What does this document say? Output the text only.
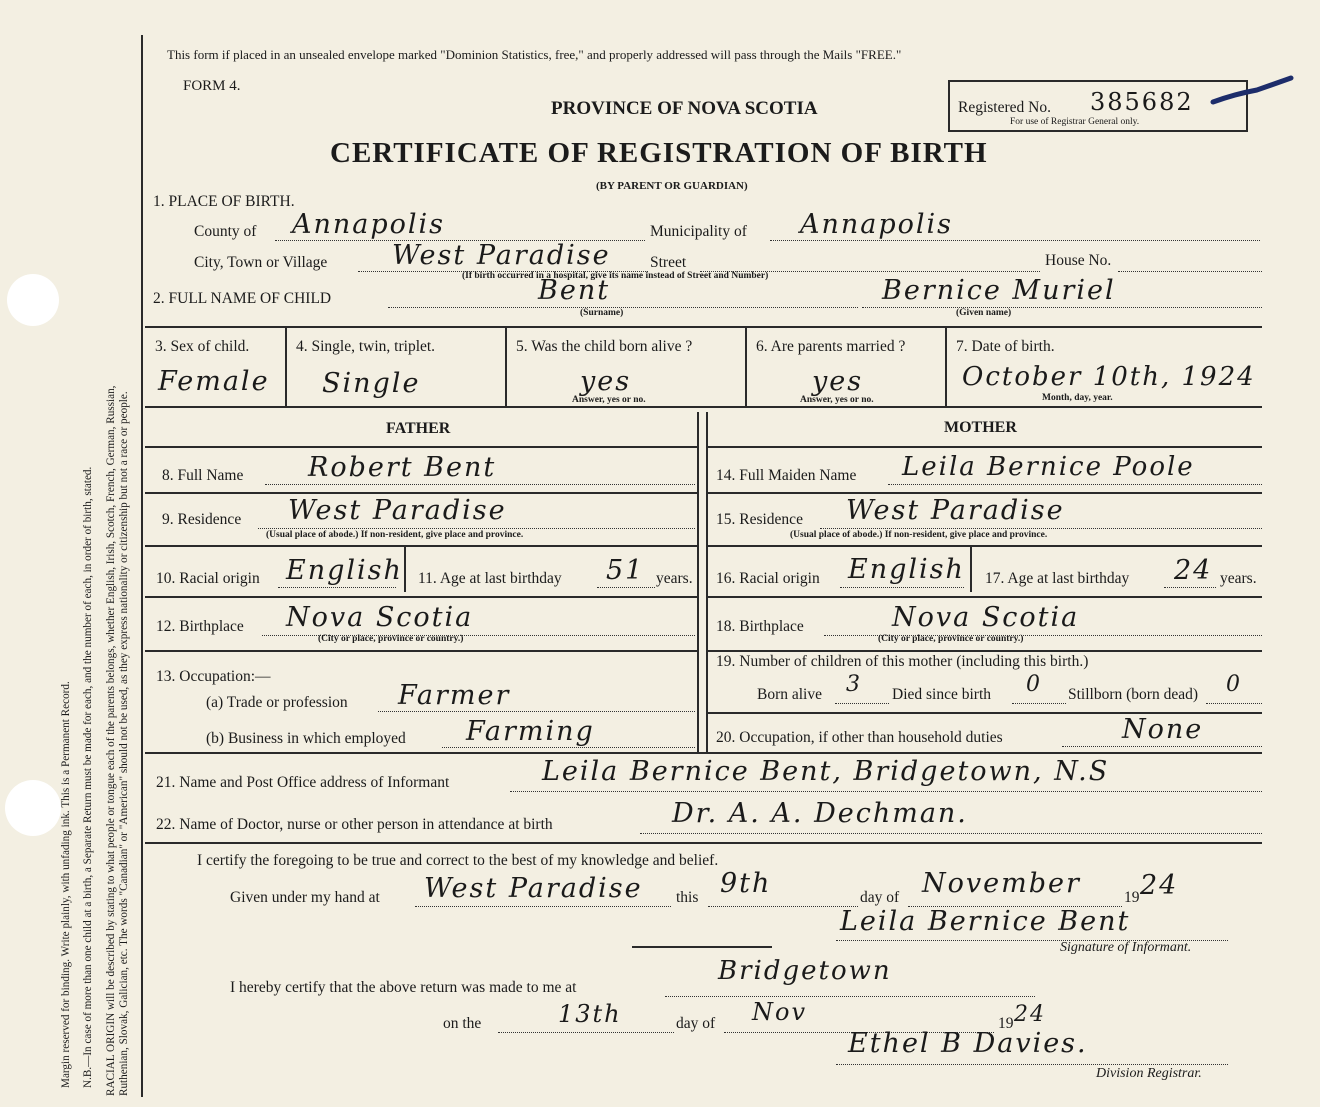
Margin reserved for binding. Write plainly, with unfading ink. This is a Permanent Record. N.B.—In case of more than one child at a birth, a Separate Return must be made for each, and the number of each, in order of birth, stated. RACIAL ORIGIN will be described by stating to what people or tongue each of the parents belongs, whether English, Irish, Scotch, French, German, Russian, Ruthenian, Slovak, Galician, etc. The words "Canadian" or "American" should not be used, as they express nationality or citizenship but not a race or people.
This form if placed in an unsealed envelope marked "Dominion Statistics, free," and properly addressed will pass through the Mails "FREE."
FORM 4.
PROVINCE OF NOVA SCOTIA
CERTIFICATE OF REGISTRATION OF BIRTH
(BY PARENT OR GUARDIAN)
Registered No. 385682
For use of Registrar General only.
1. PLACE OF BIRTH.
County of Annapolis	Municipality of Annapolis
City, Town or Village West Paradise	Street	House No.
(If birth occurred in a hospital, give its name instead of Street and Number)
2. FULL NAME OF CHILD	Bent
(Surname)
Bernice Muriel
(Given name)
3. Sex of child.
Female
4. Single, twin, triplet.
Single
5. Was the child born alive ?
yes
Answer, yes or no.
6. Are parents married ?
yes
Answer, yes or no.
7. Date of birth.
October 10th, 1924
Month, day, year.
FATHER	MOTHER
8. Full Name Robert Bent
9. Residence West Paradise
(Usual place of abode.) If non-resident, give place and province.
10. Racial origin English 11. Age at last birthday 51 years.
12. Birthplace Nova Scotia
(City or place, province or country.)
13. Occupation:—
(a) Trade or profession Farmer
(b) Business in which employed Farming
14. Full Maiden Name Leila Bernice Poole
15. Residence West Paradise
(Usual place of abode.) If non-resident, give place and province.
16. Racial origin English 17. Age at last birthday 24 years.
18. Birthplace	Nova Scotia
(City or place, province or country.)
19. Number of children of this mother (including this birth.)
Born alive 3 Died since birth 0 Stillborn (born dead) 0
20. Occupation, if other than household duties	None
21. Name and Post Office address of Informant	Leila Bernice Bent, Bridgetown, N.S
22. Name of Doctor, nurse or other person in attendance at birth	Dr. A. A. Dechman.
I certify the foregoing to be true and correct to the best of my knowledge and belief.
Given under my hand at West Paradise this 9th	day of November	19 24
Leila Bernice Bent
Signature of Informant.
I hereby certify that the above return was made to me at
Bridgetown
on the	13th	day of Nov	19 24
Ethel B Davies.
Division Registrar.
